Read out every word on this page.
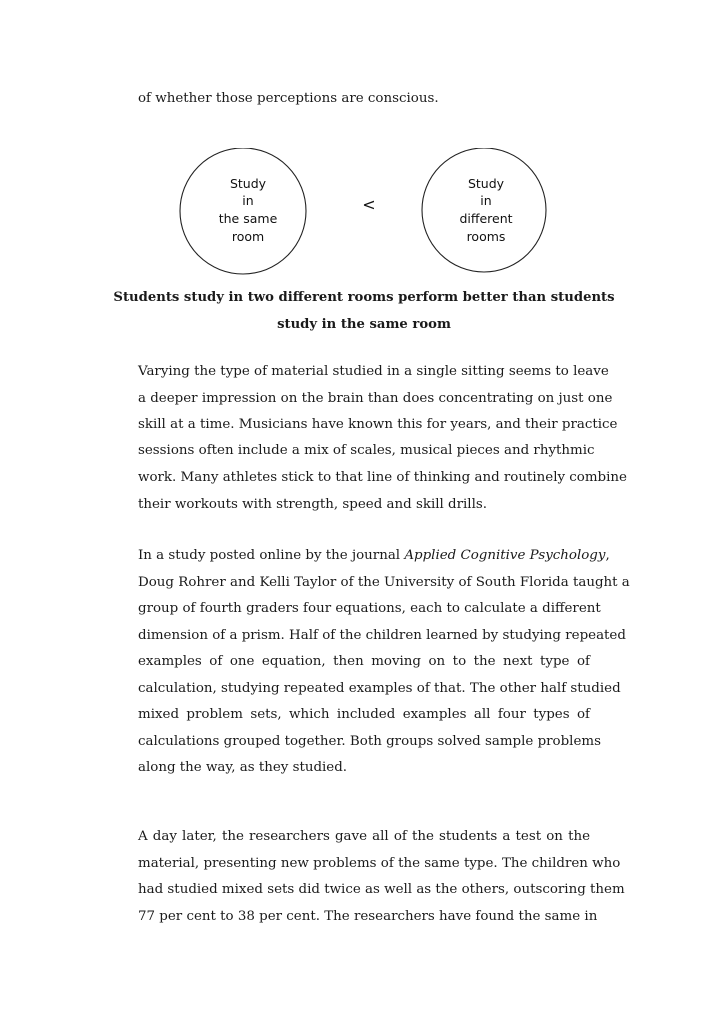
of whether those perceptions are conscious.
Study
in
the same
room
<
Study
in
different
rooms
Students study in two different rooms perform better than students
study in the same room
Varying the type of material studied in a single sitting seems to leave
a deeper impression on the brain than does concentrating on just one
skill at a time. Musicians have known this for years, and their practice
sessions often include a mix of scales, musical pieces and rhythmic
work. Many athletes stick to that line of thinking and routinely combine
their workouts with strength, speed and skill drills.
In a study posted online by the journal Applied Cognitive Psychology,
Doug Rohrer and Kelli Taylor of the University of South Florida taught a
group of fourth graders four equations, each to calculate a different
dimension of a prism. Half of the children learned by studying repeated
examples of one equation, then moving on to the next type of
calculation, studying repeated examples of that. The other half studied
mixed problem sets, which included examples all four types of
calculations grouped together. Both groups solved sample problems
along the way, as they studied.
A day later, the researchers gave all of the students a test on the
material, presenting new problems of the same type. The children who
had studied mixed sets did twice as well as the others, outscoring them
77 per cent to 38 per cent. The researchers have found the same in
